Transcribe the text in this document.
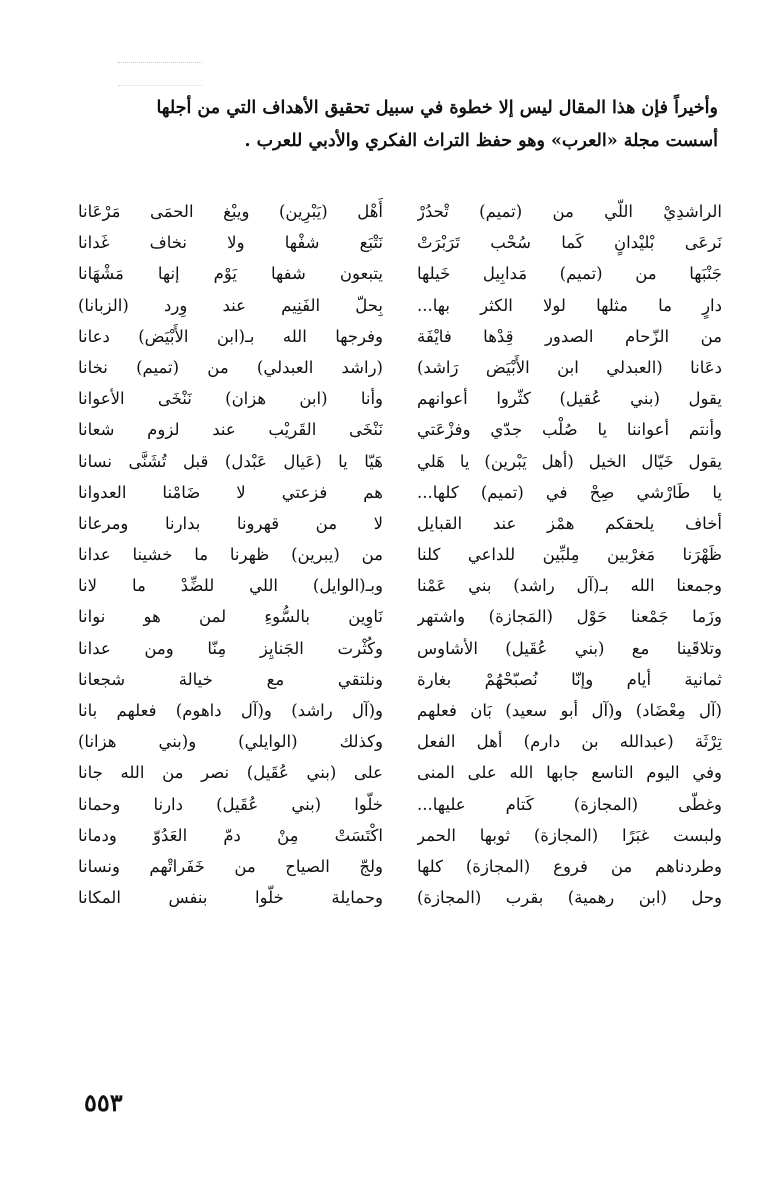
وأخيراً فإن هذا المقال ليس إلا خطوة في سبيل تحقيق الأهداف التي من أجلها

أسست مجلة «العرب» وهو حفظ التراث الفكري والأدبي للعرب .

الراشدِيْ اللّي من (تميم) تْحدُرْ
نَرعَى بْليْدانٍ كَما سُحْب تَرَبْرَتْ
جَنْبَها من (تميم) مَدابِيل خَيلها
دارٍ ما مثلها لولا الكثر بها...
من الزّحام الصدور قِدْها فايْفَة
دعَانا (العبدلي ابن الأَبْيَض رَاشد)
يقول (بني عُقيل) كثّروا أعوانهم
وأنتم أعواننا يا صُلْب جدّي وفزْعَتي
يقول خَيّال الخيل (أهل يَبْرين) يا هَلي
يا طَارْشي صِحْ في (تميم) كلها...
أخاف يلحقكم همْز عند القبايل
ظَهْرَنا مَغرْبين مِلبِّين للداعي كلنا
وجمعنا الله بـ(آل راشد) بني عَمْنا
وزَما جَمْعنا حَوْل (المَجازة) واشتهر
وتلاقَينا مع (بني عُقَيل) الأشاوس
ثمانية أيام وإنّا نُصبّحْهُمْ بغارة
(آل مِعْضَاد) و(آل أبو سعيد) بَان فعلهم
تِرْثَة (عبدالله بن دارم) أهل الفعل
وفي اليوم التاسع جابها الله على المنى
وغطّى (المجازة) كَتام عليها...
ولبست غبَرًا (المجازة) ثوبها الحمر
وطردناهم من فروع (المجازة) كلها
وحل (ابن رهمية) بقرب (المجازة)
أَهْل (يَبْرِين) ويبْغ الحمَى مَرْعَانا
نَتْبَع شفْها ولا نخاف غَدانا
يتبعون شفها يَوْم إنها مَشْهَانا
بِحلّ الفَنِيم عند وِرد (الزبانا)
وفرجها الله بـ(ابن الأَبْيَض) دعانا
(راشد العبدلي) من (تميم) نخانا
وأنا (ابن هزان) نَنْخَى الأعوانا
نَنْخَى القَريْب عند لزوم شعانا
هَيّا يا (عَيال عَبْدل) قبل تُشَنَّى نسانا
هم فزعتي لا ضَامْنا العدوانا
لا من قهرونا بدارنا ومرعانا
من (يبرين) ظهرنا ما خشينا عدانا
وبـ(الوايل) اللي للضِّدْ ما لانا
نَاوِين بالسُّوءِ لمن هو نوانا
وكُثْرت الجَنايِز مِنّا ومن عدانا
ونلتقي مع خيالة شجعانا
و(آل راشد) و(آل داهوم) فعلهم بانا
وكذلك (الوايلي) و(بني هزانا)
على (بني عُقَيل) نصر من الله جانا
خلّوا (بني عُقَيل) دارنا وحمانا
اكْتَسَتْ مِنْ دمّ العَدُوّ ودمانا
ولجّ الصياح من خَفَراتْهم ونسانا
وحمايلة خلّوا بنفس المكانا
٥٥٣
